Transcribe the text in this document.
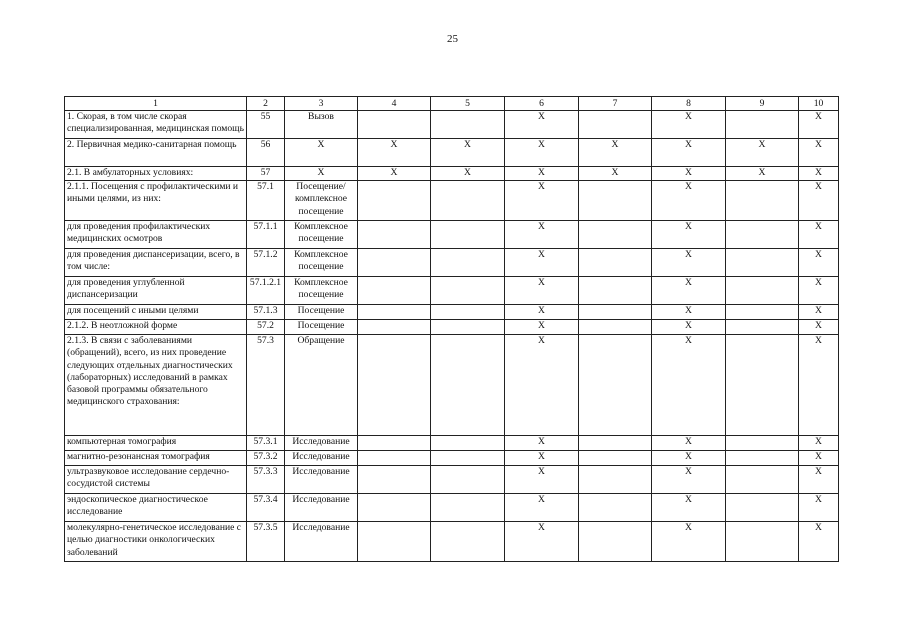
25
1	2	3	4	5	6	7	8	9	10
1. Скорая, в том числе скорая специализированная, медицинская помощь	55	Вызов			X		X		X
2. Первичная медико-санитарная помощь	56	X	X	X	X	X	X	X	X
2.1. В амбулаторных условиях:	57	X	X	X	X	X	X	X	X
2.1.1. Посещения с профилактическими и иными целями, из них:	57.1	Посещение/ комплексное посещение			X		X		X
для проведения профилактических медицинских осмотров	57.1.1	Комплексное посещение			X		X		X
для проведения диспансеризации, всего, в том числе:	57.1.2	Комплексное посещение			X		X		X
для проведения углубленной диспансеризации	57.1.2.1	Комплексное посещение			X		X		X
для посещений с иными целями	57.1.3	Посещение			X		X		X
2.1.2. В неотложной форме	57.2	Посещение			X		X		X
2.1.3. В связи с заболеваниями (обращений), всего, из них проведение следующих отдельных диагностических (лабораторных) исследований в рамках базовой программы обязательного медицинского страхования:	57.3	Обращение			X		X		X
компьютерная томография	57.3.1	Исследование			X		X		X
магнитно-резонансная томография	57.3.2	Исследование			X		X		X
ультразвуковое исследование сердечно-сосудистой системы	57.3.3	Исследование			X		X		X
эндоскопическое диагностическое исследование	57.3.4	Исследование			X		X		X
молекулярно-генетическое исследование с целью диагностики онкологических заболеваний	57.3.5	Исследование			X		X		X
